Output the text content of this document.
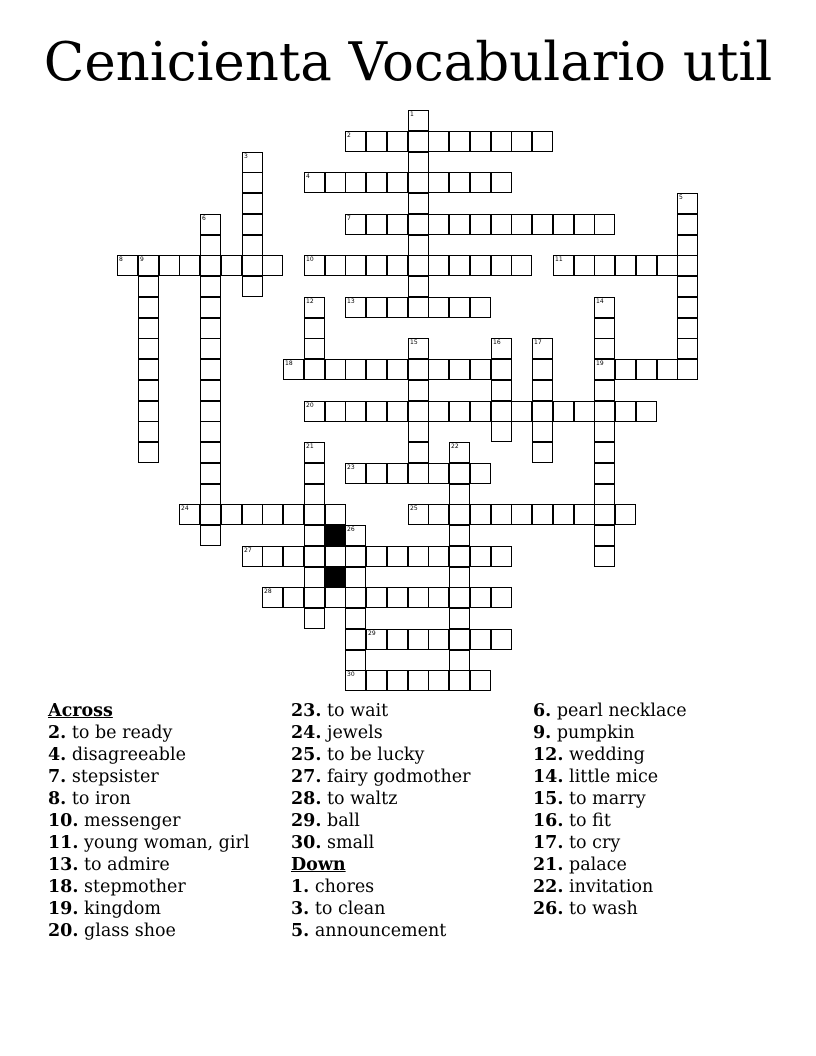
Cenicienta Vocabulario util
1
2
3
4
5
6	7
8	9	10	11
12	13	14
15	16	17
18	19
20
21	22
23
24	25
26
27
28
29
30
Across
2. to be ready
4. disagreeable
7. stepsister
8. to iron
10. messenger
11. young woman, girl
13. to admire
18. stepmother
19. kingdom
20. glass shoe
23. to wait
24. jewels
25. to be lucky
27. fairy godmother
28. to waltz
29. ball
30. small
Down
1. chores
3. to clean
5. announcement
6. pearl necklace
9. pumpkin
12. wedding
14. little mice
15. to marry
16. to fit
17. to cry
21. palace
22. invitation
26. to wash
